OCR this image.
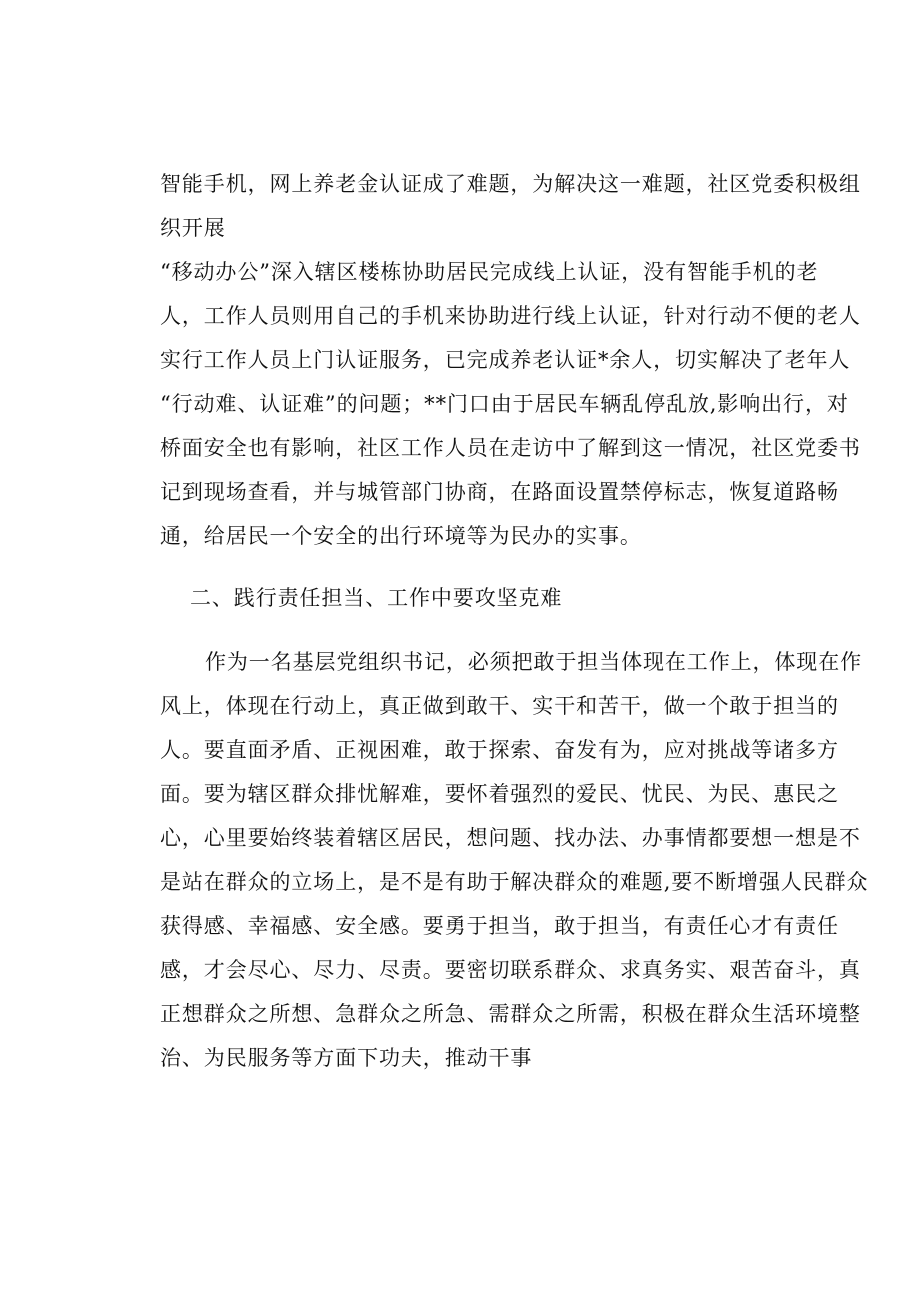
智能手机，网上养老金认证成了难题，为解决这一难题，社区党委积极组
织开展
“移动办公”深入辖区楼栋协助居民完成线上认证，没有智能手机的老
人，工作人员则用自己的手机来协助进行线上认证，针对行动不便的老人
实行工作人员上门认证服务，已完成养老认证*余人，切实解决了老年人
“行动难、认证难”的问题；**门口由于居民车辆乱停乱放,影响出行，对
桥面安全也有影响，社区工作人员在走访中了解到这一情况，社区党委书
记到现场查看，并与城管部门协商，在路面设置禁停标志，恢复道路畅
通，给居民一个安全的出行环境等为民办的实事。
二、践行责任担当、工作中要攻坚克难
作为一名基层党组织书记，必须把敢于担当体现在工作上，体现在作
风上，体现在行动上，真正做到敢干、实干和苦干，做一个敢于担当的
人。要直面矛盾、正视困难，敢于探索、奋发有为，应对挑战等诸多方
面。要为辖区群众排忧解难，要怀着强烈的爱民、忧民、为民、惠民之
心，心里要始终装着辖区居民，想问题、找办法、办事情都要想一想是不
是站在群众的立场上，是不是有助于解决群众的难题,要不断增强人民群众
获得感、幸福感、安全感。要勇于担当，敢于担当，有责任心才有责任
感，才会尽心、尽力、尽责。要密切联系群众、求真务实、艰苦奋斗，真
正想群众之所想、急群众之所急、需群众之所需，积极在群众生活环境整
治、为民服务等方面下功夫，推动干事
